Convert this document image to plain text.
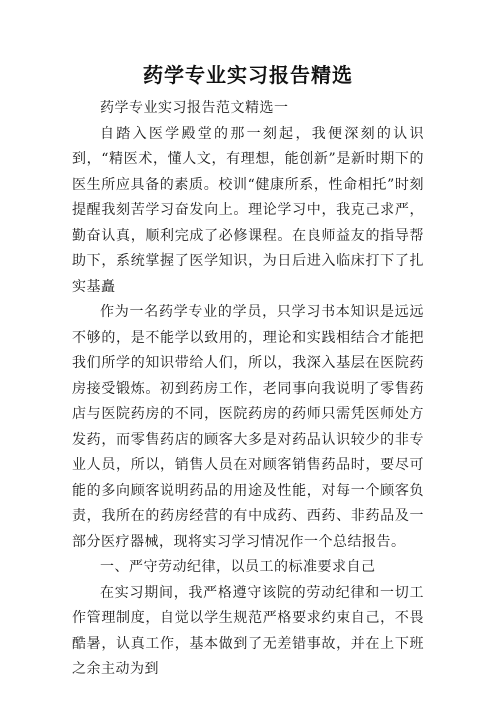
药学专业实习报告精选

药学专业实习报告范文精选一

自踏入医学殿堂的那一刻起，我便深刻的认识到，“精医术，懂人文，有理想，能创新”是新时期下的医生所应具备的素质。校训“健康所系，性命相托”时刻提醒我刻苦学习奋发向上。理论学习中，我克己求严，勤奋认真，顺利完成了必修课程。在良师益友的指导帮助下，系统掌握了医学知识，为日后进入临床打下了扎实基矗

作为一名药学专业的学员，只学习书本知识是远远不够的，是不能学以致用的，理论和实践相结合才能把我们所学的知识带给人们，所以，我深入基层在医院药房接受锻炼。初到药房工作，老同事向我说明了零售药店与医院药房的不同，医院药房的药师只需凭医师处方发药，而零售药店的顾客大多是对药品认识较少的非专业人员，所以，销售人员在对顾客销售药品时，要尽可能的多向顾客说明药品的用途及性能，对每一个顾客负责，我所在的药房经营的有中成药、西药、非药品及一部分医疗器械，现将实习学习情况作一个总结报告。

一、严守劳动纪律，以员工的标准要求自己

在实习期间，我严格遵守该院的劳动纪律和一切工作管理制度，自觉以学生规范严格要求约束自己，不畏酷暑，认真工作，基本做到了无差错事故，并在上下班之余主动为到
